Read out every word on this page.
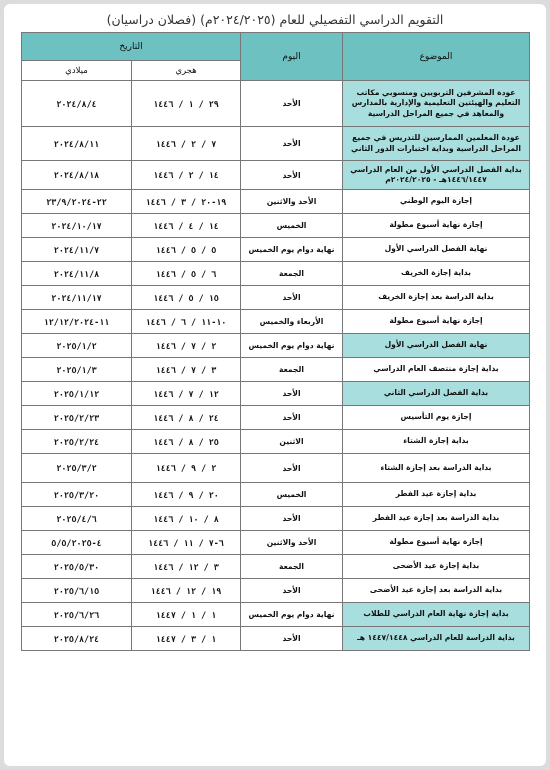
التقويم الدراسي التفصيلي للعام (٢٠٢٤/٢٠٢٥م) (فصلان دراسيان)
الموضوع	اليوم	التاريخ	
		هجري	ميلادي
عودة المشرفين التربويين ومنسوبي مكاتب التعليم والهيئتين التعليمية والإدارية بالمدارس والمعاهد في جميع المراحل الدراسية	الأحد	٢٩ / ١ / ١٤٤٦	٢٠٢٤/٨/٤
عودة المعلمين الممارسين للتدريس في جميع المراحل الدراسية وبداية اختبارات الدور الثاني	الأحد	٧ / ٢ / ١٤٤٦	٢٠٢٤/٨/١١
بداية الفصل الدراسي الأول من العام الدراسي ١٤٤٦/١٤٤٧هـ - ٢٠٢٤/٢٠٢٥م	الأحد	١٤ / ٢ / ١٤٤٦	٢٠٢٤/٨/١٨
إجازة اليوم الوطني	الأحد والاثنين	١٩-٢٠ / ٣ / ١٤٤٦	٢٢-٢٣/٩/٢٠٢٤
إجازة نهاية أسبوع مطولة	الخميس	١٤ / ٤ / ١٤٤٦	٢٠٢٤/١٠/١٧
نهاية الفصل الدراسي الأول	نهاية دوام يوم الخميس	٥ / ٥ / ١٤٤٦	٢٠٢٤/١١/٧
بداية إجازة الخريف	الجمعة	٦ / ٥ / ١٤٤٦	٢٠٢٤/١١/٨
بداية الدراسة بعد إجازة الخريف	الأحد	١٥ / ٥ / ١٤٤٦	٢٠٢٤/١١/١٧
إجازة نهاية أسبوع مطولة	الأربعاء والخميس	١٠-١١ / ٦ / ١٤٤٦	١١-١٢/١٢/٢٠٢٤
نهاية الفصل الدراسي الأول	نهاية دوام يوم الخميس	٢ / ٧ / ١٤٤٦	٢٠٢٥/١/٢
بداية إجازة منتصف العام الدراسي	الجمعة	٣ / ٧ / ١٤٤٦	٢٠٢٥/١/٣
بداية الفصل الدراسي الثاني	الأحد	١٢ / ٧ / ١٤٤٦	٢٠٢٥/١/١٢
إجازة يوم التأسيس	الأحد	٢٤ / ٨ / ١٤٤٦	٢٠٢٥/٢/٢٣
بداية إجازة الشتاء	الاثنين	٢٥ / ٨ / ١٤٤٦	٢٠٢٥/٢/٢٤
بداية الدراسة بعد إجازة الشتاء	الأحد	٢ / ٩ / ١٤٤٦	٢٠٢٥/٣/٢
بداية إجازة عيد الفطر	الخميس	٢٠ / ٩ / ١٤٤٦	٢٠٢٥/٣/٢٠
بداية الدراسة بعد إجازة عيد الفطر	الأحد	٨ / ١٠ / ١٤٤٦	٢٠٢٥/٤/٦
إجازة نهاية أسبوع مطولة	الأحد والاثنين	٦-٧ / ١١ / ١٤٤٦	٤-٥/٥/٢٠٢٥
بداية إجازة عيد الأضحى	الجمعة	٣ / ١٢ / ١٤٤٦	٢٠٢٥/٥/٣٠
بداية الدراسة بعد إجازة عيد الأضحى	الأحد	١٩ / ١٢ / ١٤٤٦	٢٠٢٥/٦/١٥
بداية إجازة نهاية العام الدراسي للطلاب	نهاية دوام يوم الخميس	١ / ١ / ١٤٤٧	٢٠٢٥/٦/٢٦
بداية الدراسة للعام الدراسي ١٤٤٧/١٤٤٨ هـ	الأحد	١ / ٣ / ١٤٤٧	٢٠٢٥/٨/٢٤
